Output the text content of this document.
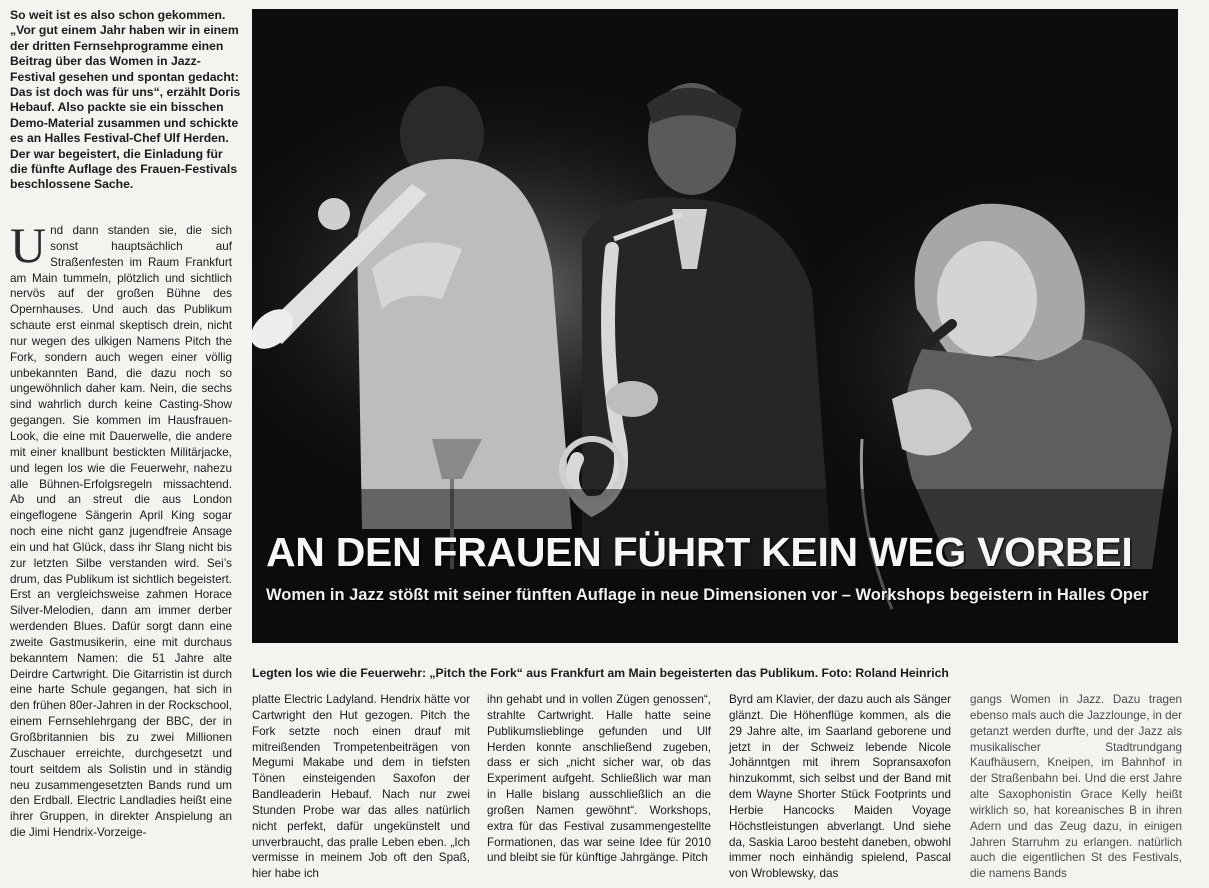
So weit ist es also schon gekommen. „Vor gut einem Jahr haben wir in einem der dritten Fernsehprogramme einen Beitrag über das Women in Jazz-Festival gesehen und spontan gedacht: Das ist doch was für uns“, erzählt Doris Hebauf. Also packte sie ein bisschen Demo-Material zusammen und schickte es an Halles Festival-Chef Ulf Herden. Der war begeistert, die Einladung für die fünfte Auflage des Frauen-Festivals beschlossene Sache.

U nd dann standen sie, die sich sonst hauptsächlich auf Straßenfesten im Raum Frankfurt am Main tummeln, plötzlich und sichtlich nervös auf der großen Bühne des Opernhauses. Und auch das Publikum schaute erst einmal skeptisch drein, nicht nur wegen des ulkigen Namens Pitch the Fork, sondern auch wegen einer völlig unbekannten Band, die dazu noch so ungewöhnlich daher kam. Nein, die sechs sind wahrlich durch keine Casting-Show gegangen. Sie kommen im Hausfrauen-Look, die eine mit Dauerwelle, die andere mit einer knallbunt bestickten Militärjacke, und legen los wie die Feuerwehr, nahezu alle Bühnen-Erfolgsregeln missachtend. Ab und an streut die aus London eingeflogene Sängerin April King sogar noch eine nicht ganz jugendfreie Ansage ein und hat Glück, dass ihr Slang nicht bis zur letzten Silbe verstanden wird. Sei’s drum, das Publikum ist sichtlich begeistert. Erst an vergleichsweise zahmen Horace Silver-Melodien, dann am immer derber werdenden Blues. Dafür sorgt dann eine zweite Gastmusikerin, eine mit durchaus bekanntem Namen: die 51 Jahre alte Deirdre Cartwright. Die Gitarristin ist durch eine harte Schule gegangen, hat sich in den frühen 80er-Jahren in der Rockschool, einem Fernsehlehrgang der BBC, der in Großbritannien bis zu zwei Millionen Zuschauer erreichte, durchgesetzt und tourt seitdem als Solistin und in ständig neu zusammengesetzten Bands rund um den Erdball. Electric Landladies heißt eine ihrer Gruppen, in direkter Anspielung an die Jimi Hendrix-Vorzeige-
AN DEN FRAUEN FÜHRT KEIN WEG VORBEI

Women in Jazz stößt mit seiner fünften Auflage in neue Dimensionen vor – Workshops begeistern in Halles Oper

Legten los wie die Feuerwehr: „Pitch the Fork“ aus Frankfurt am Main begeisterten das Publikum. Foto: Roland Heinrich

platte Electric Ladyland. Hendrix hätte vor Cartwright den Hut gezogen. Pitch the Fork setzte noch einen drauf mit mitreißenden Trompetenbeiträgen von Megumi Makabe und dem in tiefsten Tönen einsteigenden Saxofon der Bandleaderin Hebauf. Nach nur zwei Stunden Probe war das alles natürlich nicht perfekt, dafür ungekünstelt und unverbraucht, das pralle Leben eben. „Ich vermisse in meinem Job oft den Spaß, hier habe ich

ihn gehabt und in vollen Zügen genossen“, strahlte Cartwright. Halle hatte seine Publikumslieblinge gefunden und Ulf Herden konnte anschließend zugeben, dass er sich „nicht sicher war, ob das Experiment aufgeht. Schließlich war man in Halle bislang ausschließlich an die großen Namen gewöhnt“. Workshops, extra für das Festival zusammengestellte Formationen, das war seine Idee für 2010 und bleibt sie für künftige Jahrgänge. Pitch

Byrd am Klavier, der dazu auch als Sänger glänzt. Die Höhenflüge kommen, als die 29 Jahre alte, im Saarland geborene und jetzt in der Schweiz lebende Nicole Johänntgen mit ihrem Sopransaxofon hinzukommt, sich selbst und der Band mit dem Wayne Shorter Stück Footprints und Herbie Hancocks Maiden Voyage Höchstleistungen abverlangt. Und siehe da, Saskia Laroo besteht daneben, obwohl immer noch einhändig spielend, Pascal von Wroblewsky, das

gangs Women in Jazz. Dazu tragen ebenso mals auch die Jazzlounge, in der getanzt werden durfte, und der Jazz als musikalischer Stadtrundgang Kaufhäusern, Kneipen, im Bahnhof in der Straßenbahn bei. Und die erst Jahre alte Saxophonistin Grace Kelly heißt wirklich so, hat koreanisches B in ihren Adern und das Zeug dazu, in einigen Jahren Starruhm zu erlangen. natürlich auch die eigentlichen St des Festivals, die namens Bands
